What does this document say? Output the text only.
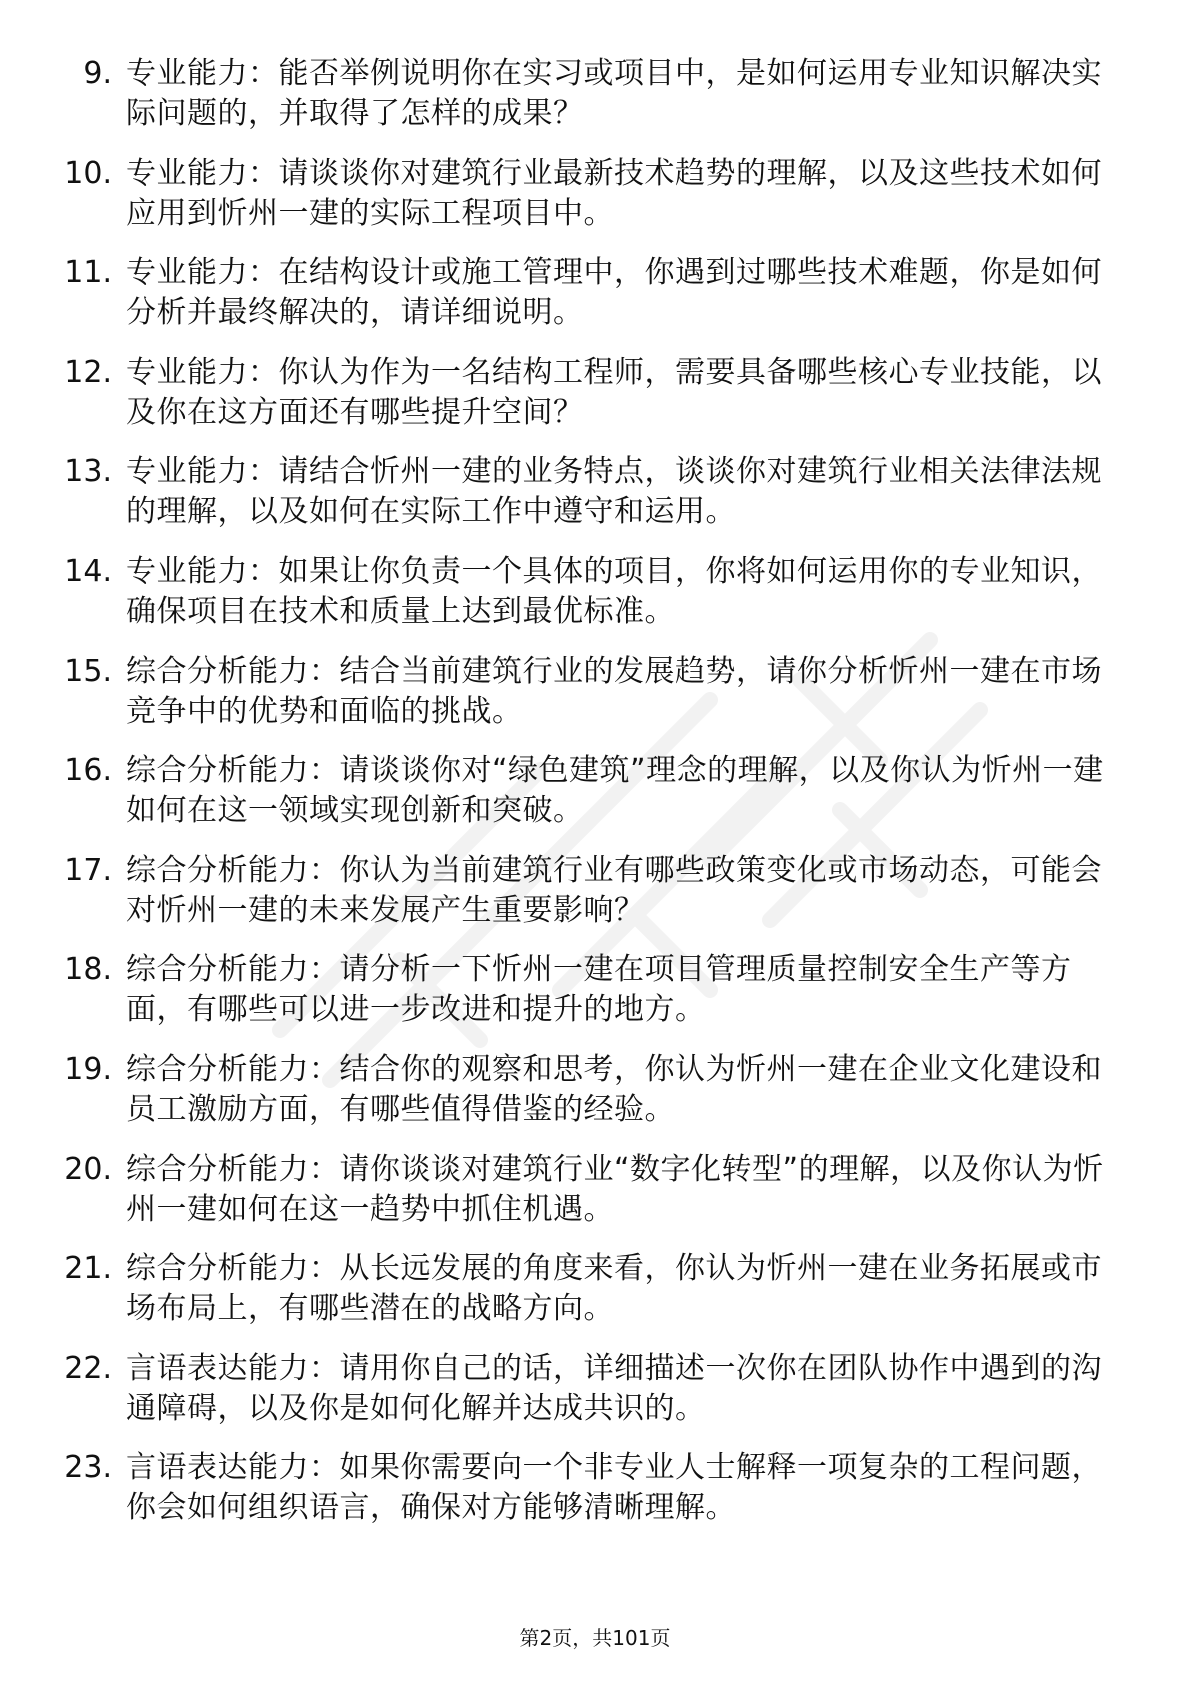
9. 专业能力：能否举例说明你在实习或项目中，是如何运用专业知识解决实际问题的，并取得了怎样的成果？
10. 专业能力：请谈谈你对建筑行业最新技术趋势的理解，以及这些技术如何应用到忻州一建的实际工程项目中。
11. 专业能力：在结构设计或施工管理中，你遇到过哪些技术难题，你是如何分析并最终解决的，请详细说明。
12. 专业能力：你认为作为一名结构工程师，需要具备哪些核心专业技能，以及你在这方面还有哪些提升空间？
13. 专业能力：请结合忻州一建的业务特点，谈谈你对建筑行业相关法律法规的理解，以及如何在实际工作中遵守和运用。
14. 专业能力：如果让你负责一个具体的项目，你将如何运用你的专业知识，确保项目在技术和质量上达到最优标准。
15. 综合分析能力：结合当前建筑行业的发展趋势，请你分析忻州一建在市场竞争中的优势和面临的挑战。
16. 综合分析能力：请谈谈你对“绿色建筑”理念的理解，以及你认为忻州一建如何在这一领域实现创新和突破。
17. 综合分析能力：你认为当前建筑行业有哪些政策变化或市场动态，可能会对忻州一建的未来发展产生重要影响？
18. 综合分析能力：请分析一下忻州一建在项目管理质量控制安全生产等方面，有哪些可以进一步改进和提升的地方。
19. 综合分析能力：结合你的观察和思考，你认为忻州一建在企业文化建设和员工激励方面，有哪些值得借鉴的经验。
20. 综合分析能力：请你谈谈对建筑行业“数字化转型”的理解，以及你认为忻州一建如何在这一趋势中抓住机遇。
21. 综合分析能力：从长远发展的角度来看，你认为忻州一建在业务拓展或市场布局上，有哪些潜在的战略方向。
22. 言语表达能力：请用你自己的话，详细描述一次你在团队协作中遇到的沟通障碍，以及你是如何化解并达成共识的。
23. 言语表达能力：如果你需要向一个非专业人士解释一项复杂的工程问题，你会如何组织语言，确保对方能够清晰理解。
第2页，共101页
